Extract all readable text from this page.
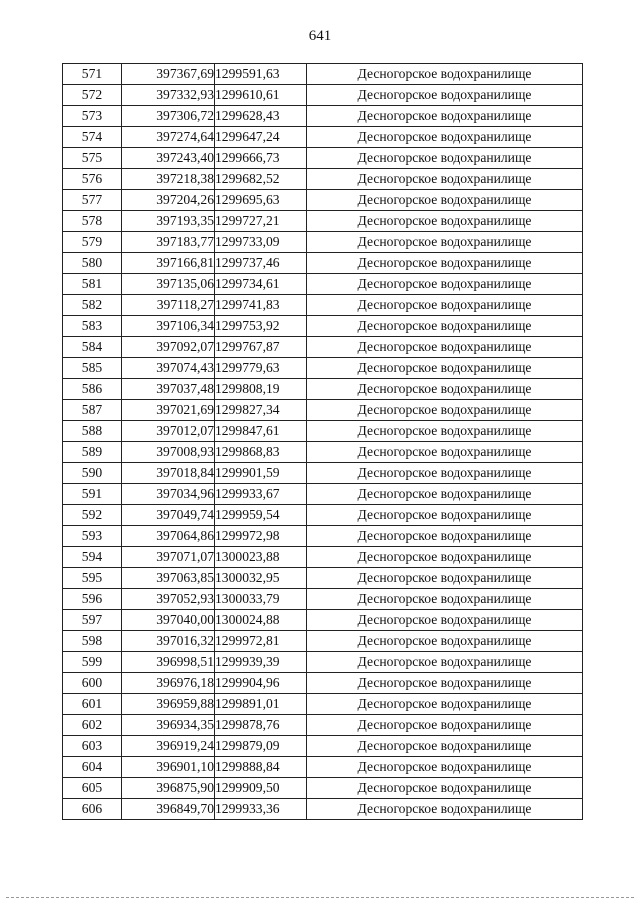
641
571	397367,69	1299591,63	Десногорское водохранилище
572	397332,93	1299610,61	Десногорское водохранилище
573	397306,72	1299628,43	Десногорское водохранилище
574	397274,64	1299647,24	Десногорское водохранилище
575	397243,40	1299666,73	Десногорское водохранилище
576	397218,38	1299682,52	Десногорское водохранилище
577	397204,26	1299695,63	Десногорское водохранилище
578	397193,35	1299727,21	Десногорское водохранилище
579	397183,77	1299733,09	Десногорское водохранилище
580	397166,81	1299737,46	Десногорское водохранилище
581	397135,06	1299734,61	Десногорское водохранилище
582	397118,27	1299741,83	Десногорское водохранилище
583	397106,34	1299753,92	Десногорское водохранилище
584	397092,07	1299767,87	Десногорское водохранилище
585	397074,43	1299779,63	Десногорское водохранилище
586	397037,48	1299808,19	Десногорское водохранилище
587	397021,69	1299827,34	Десногорское водохранилище
588	397012,07	1299847,61	Десногорское водохранилище
589	397008,93	1299868,83	Десногорское водохранилище
590	397018,84	1299901,59	Десногорское водохранилище
591	397034,96	1299933,67	Десногорское водохранилище
592	397049,74	1299959,54	Десногорское водохранилище
593	397064,86	1299972,98	Десногорское водохранилище
594	397071,07	1300023,88	Десногорское водохранилище
595	397063,85	1300032,95	Десногорское водохранилище
596	397052,93	1300033,79	Десногорское водохранилище
597	397040,00	1300024,88	Десногорское водохранилище
598	397016,32	1299972,81	Десногорское водохранилище
599	396998,51	1299939,39	Десногорское водохранилище
600	396976,18	1299904,96	Десногорское водохранилище
601	396959,88	1299891,01	Десногорское водохранилище
602	396934,35	1299878,76	Десногорское водохранилище
603	396919,24	1299879,09	Десногорское водохранилище
604	396901,10	1299888,84	Десногорское водохранилище
605	396875,90	1299909,50	Десногорское водохранилище
606	396849,70	1299933,36	Десногорское водохранилище
